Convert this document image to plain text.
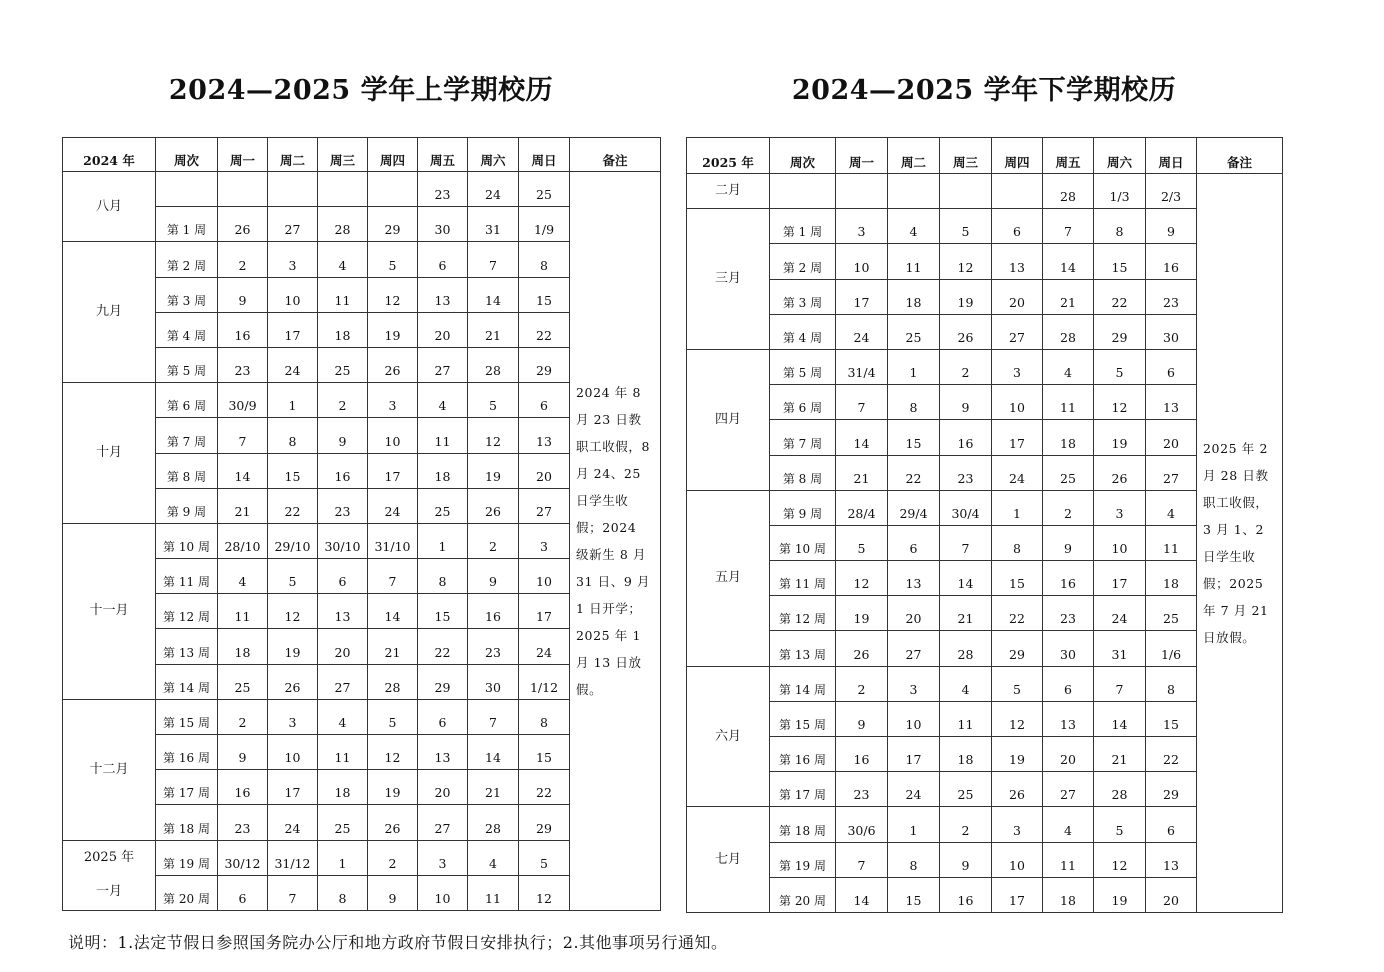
2024—2025 学年上学期校历	2024—2025 学年下学期校历
2024 年	周次	周一	周二	周三	周四	周五	周六	周日	备注
八月						23	24	25	2024 年 8 月 23 日教职工收假，8 月 24、25 日学生收假；2024 级新生 8 月 31 日、9 月 1 日开学；2025 年 1 月 13 日放假。
	第 1 周	26	27	28	29	30	31	1/9	
九月	第 2 周	2	3	4	5	6	7	8	
	第 3 周	9	10	11	12	13	14	15	
	第 4 周	16	17	18	19	20	21	22	
	第 5 周	23	24	25	26	27	28	29	
十月	第 6 周	30/9	1	2	3	4	5	6	
	第 7 周	7	8	9	10	11	12	13	
	第 8 周	14	15	16	17	18	19	20	
	第 9 周	21	22	23	24	25	26	27	
十一月	第 10 周	28/10	29/10	30/10	31/10	1	2	3	
	第 11 周	4	5	6	7	8	9	10	
	第 12 周	11	12	13	14	15	16	17	
	第 13 周	18	19	20	21	22	23	24	
	第 14 周	25	26	27	28	29	30	1/12	
十二月	第 15 周	2	3	4	5	6	7	8	
	第 16 周	9	10	11	12	13	14	15	
	第 17 周	16	17	18	19	20	21	22	
	第 18 周	23	24	25	26	27	28	29	

2025 年
一月	第 19 周	30/12	31/12	1	2	3	4	5	
	第 20 周	6	7	8	9	10	11	12	
2025 年	周次	周一	周二	周三	周四	周五	周六	周日	备注
二月						28	1/3	2/3	2025 年 2 月 28 日教职工收假，3 月 1、2 日学生收假；2025 年 7 月 21 日放假。
三月	第 1 周	3	4	5	6	7	8	9	
	第 2 周	10	11	12	13	14	15	16	
	第 3 周	17	18	19	20	21	22	23	
	第 4 周	24	25	26	27	28	29	30	
四月	第 5 周	31/4	1	2	3	4	5	6	
	第 6 周	7	8	9	10	11	12	13	
	第 7 周	14	15	16	17	18	19	20	
	第 8 周	21	22	23	24	25	26	27	
五月	第 9 周	28/4	29/4	30/4	1	2	3	4	
	第 10 周	5	6	7	8	9	10	11	
	第 11 周	12	13	14	15	16	17	18	
	第 12 周	19	20	21	22	23	24	25	
	第 13 周	26	27	28	29	30	31	1/6	
六月	第 14 周	2	3	4	5	6	7	8	
	第 15 周	9	10	11	12	13	14	15	
	第 16 周	16	17	18	19	20	21	22	
	第 17 周	23	24	25	26	27	28	29	
七月	第 18 周	30/6	1	2	3	4	5	6	
	第 19 周	7	8	9	10	11	12	13	
	第 20 周	14	15	16	17	18	19	20	
说明：1.法定节假日参照国务院办公厅和地方政府节假日安排执行；2.其他事项另行通知。
